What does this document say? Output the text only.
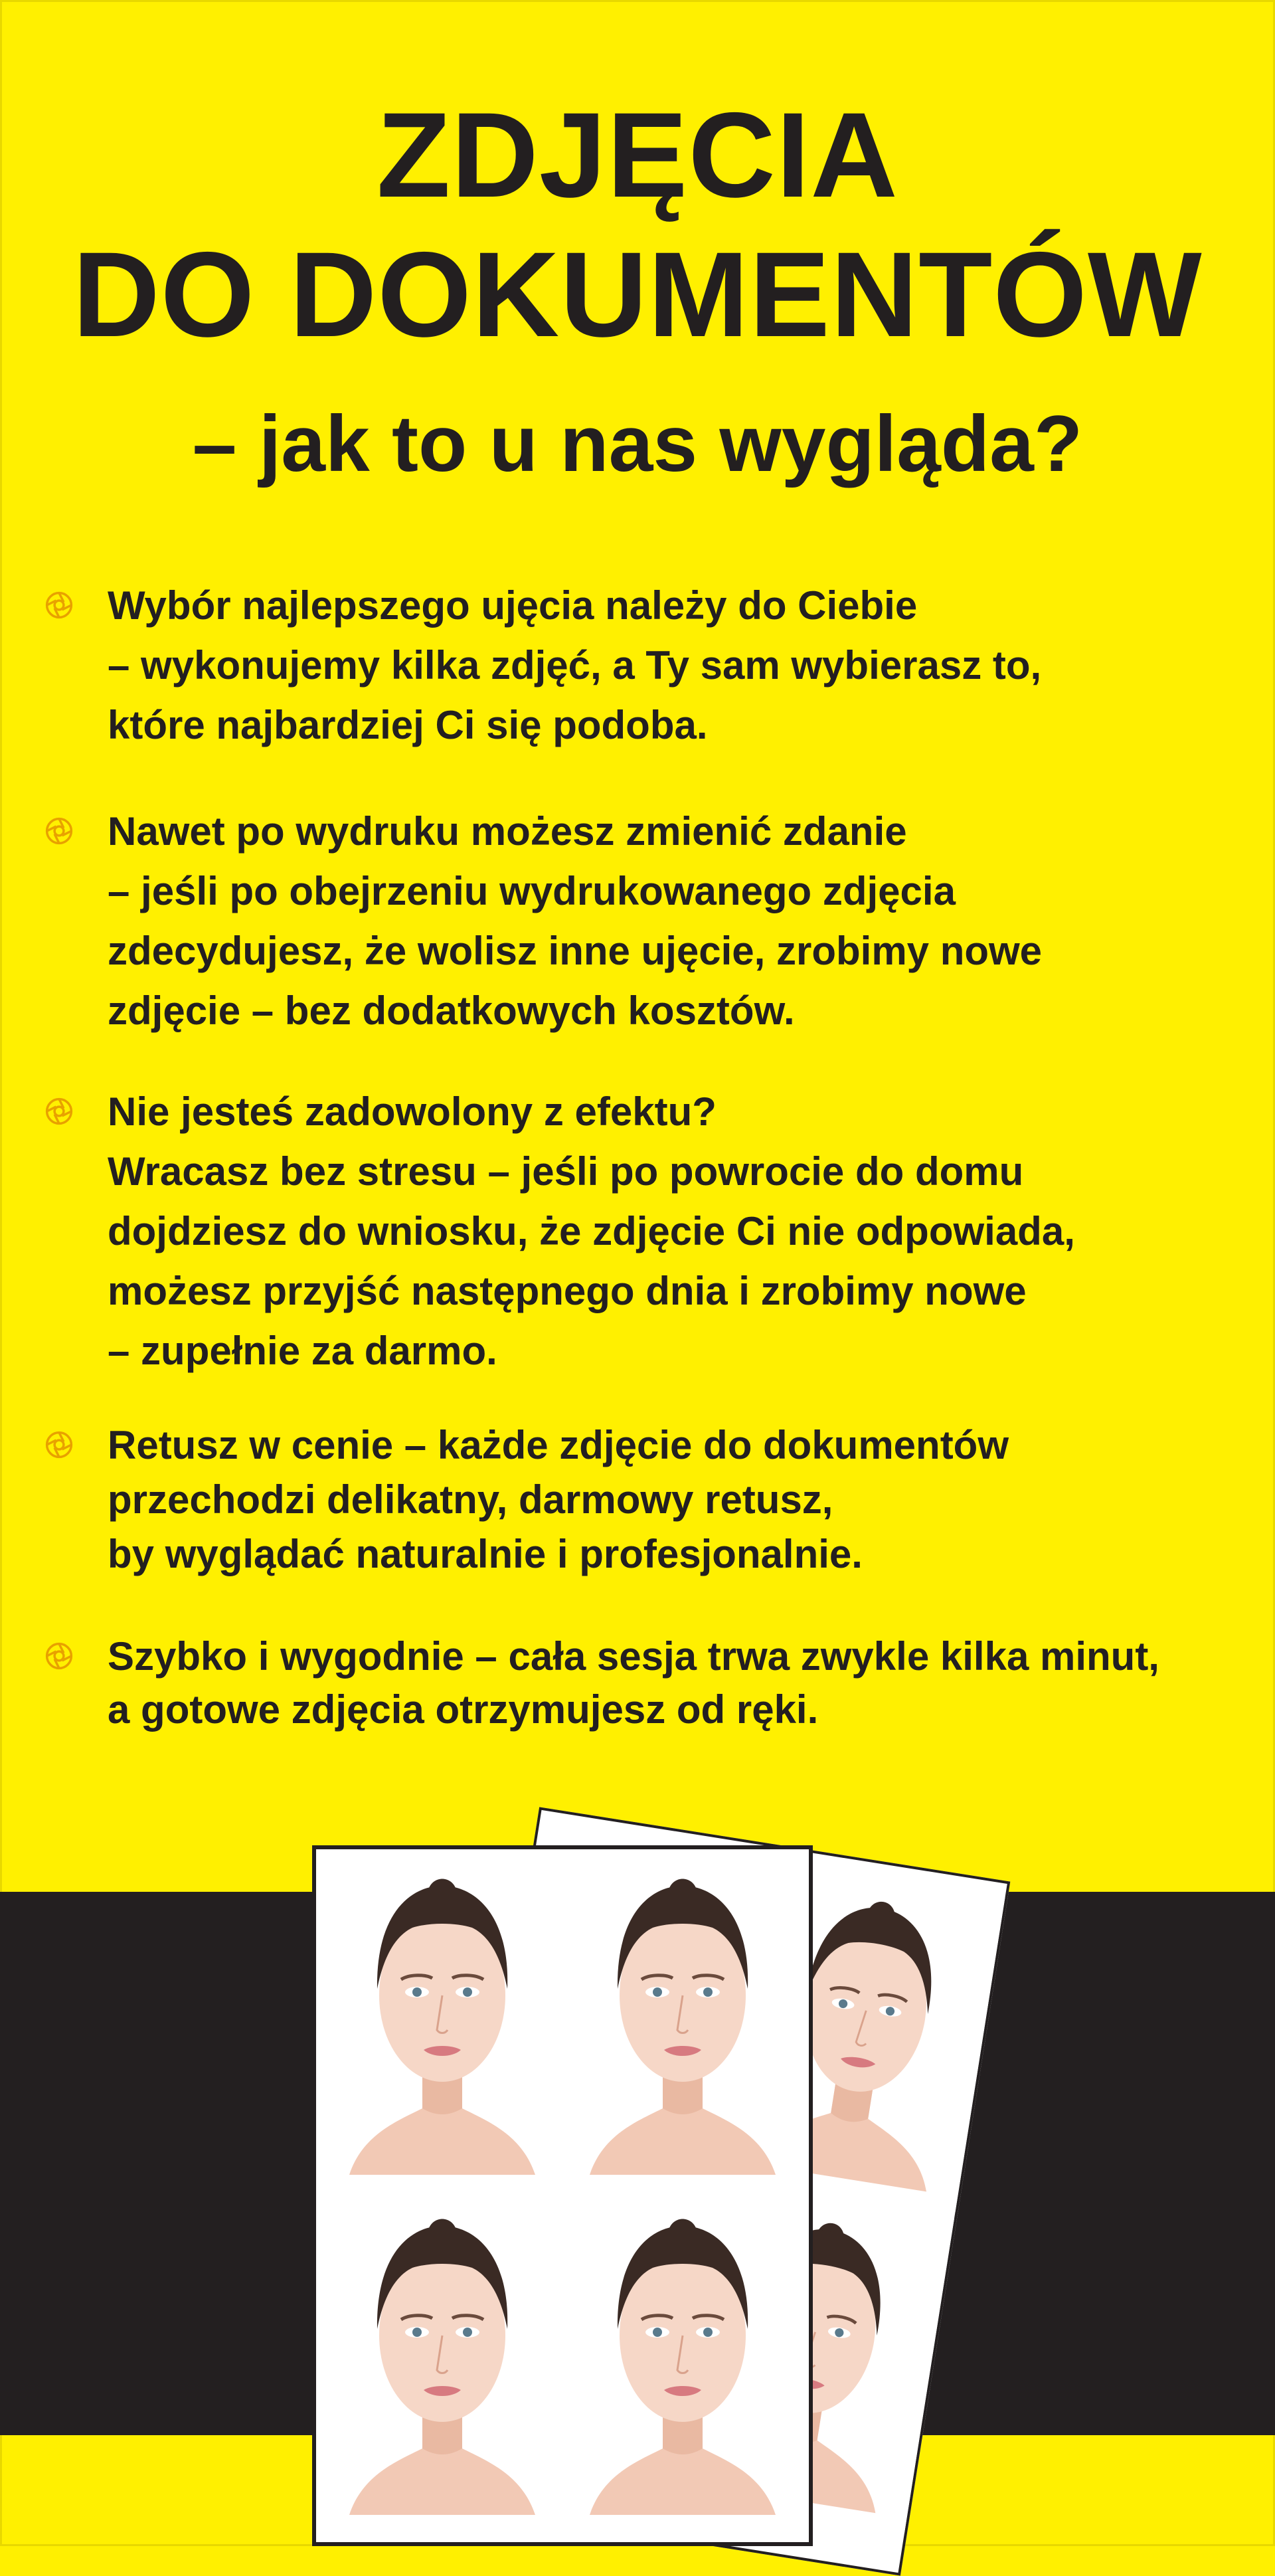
ZDJĘCIA
DO DOKUMENTÓW
– jak to u nas wygląda?
Wybór najlepszego ujęcia należy do Ciebie
– wykonujemy kilka zdjęć, a Ty sam wybierasz to,
które najbardziej Ci się podoba.
Nawet po wydruku możesz zmienić zdanie
– jeśli po obejrzeniu wydrukowanego zdjęcia
zdecydujesz, że wolisz inne ujęcie, zrobimy nowe
zdjęcie – bez dodatkowych kosztów.
Nie jesteś zadowolony z efektu?
Wracasz bez stresu – jeśli po powrocie do domu
dojdziesz do wniosku, że zdjęcie Ci nie odpowiada,
możesz przyjść następnego dnia i zrobimy nowe
– zupełnie za darmo.
Retusz w cenie – każde zdjęcie do dokumentów
przechodzi delikatny, darmowy retusz,
by wyglądać naturalnie i profesjonalnie.
Szybko i wygodnie – cała sesja trwa zwykle kilka minut,
a gotowe zdjęcia otrzymujesz od ręki.
